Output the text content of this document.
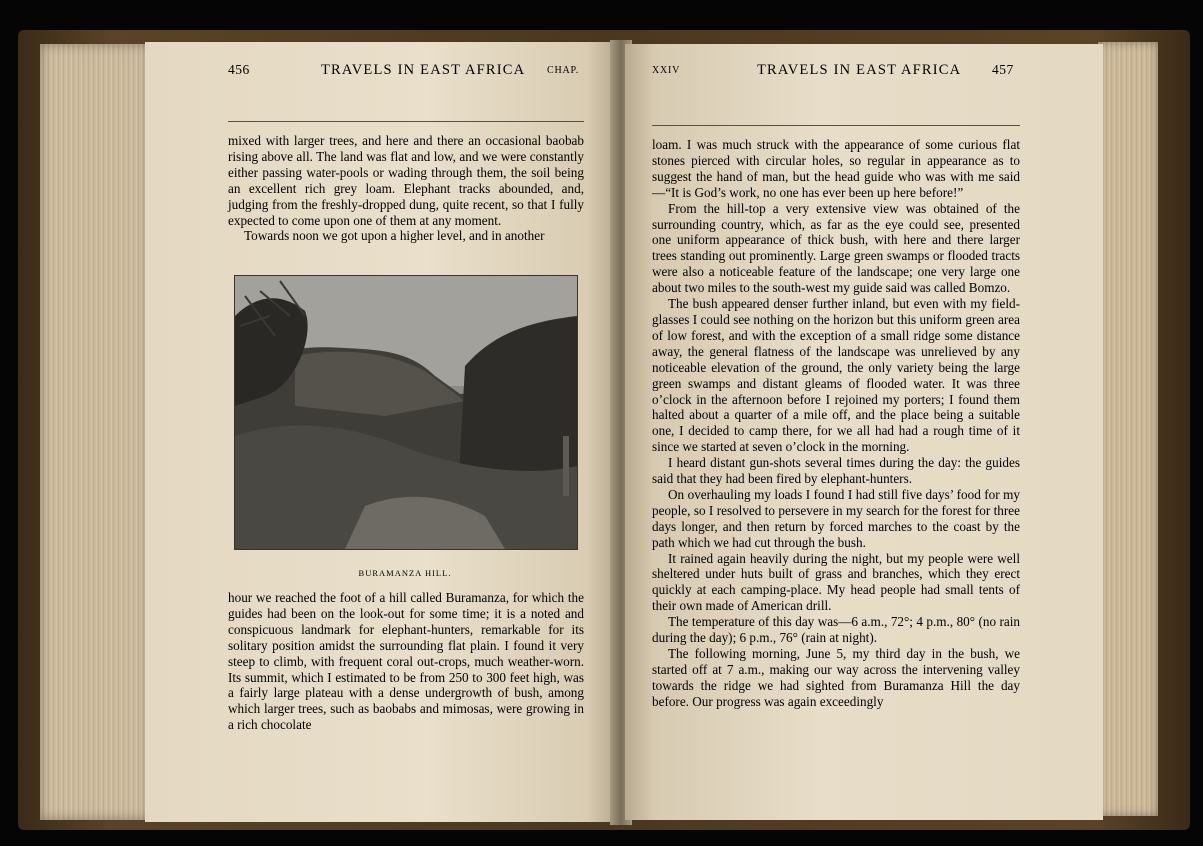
456	TRAVELS IN EAST AFRICA CHAP.

mixed with larger trees, and here and there an occasional baobab rising above all. The land was flat and low, and we were constantly either passing water-pools or wading through them, the soil being an excellent rich grey loam. Elephant tracks abounded, and, judging from the freshly-dropped dung, quite recent, so that I fully expected to come upon one of them at any moment.

Towards noon we got upon a higher level, and in another

BURAMANZA HILL.

hour we reached the foot of a hill called Buramanza, for which the guides had been on the look-out for some time; it is a noted and conspicuous landmark for elephant-hunters, remarkable for its solitary position amidst the surrounding flat plain. I found it very steep to climb, with frequent coral out-crops, much weather-worn. Its summit, which I estimated to be from 250 to 300 feet high, was a fairly large plateau with a dense undergrowth of bush, among which larger trees, such as baobabs and mimosas, were growing in a rich chocolate

XXIV	TRAVELS IN EAST AFRICA 457

loam. I was much struck with the appearance of some curious flat stones pierced with circular holes, so regular in appearance as to suggest the hand of man, but the head guide who was with me said—“It is God’s work, no one has ever been up here before!”

From the hill-top a very extensive view was obtained of the surrounding country, which, as far as the eye could see, presented one uniform appearance of thick bush, with here and there larger trees standing out prominently. Large green swamps or flooded tracts were also a noticeable feature of the landscape; one very large one about two miles to the south-west my guide said was called Bomzo.

The bush appeared denser further inland, but even with my field-glasses I could see nothing on the horizon but this uniform green area of low forest, and with the exception of a small ridge some distance away, the general flatness of the landscape was unrelieved by any noticeable elevation of the ground, the only variety being the large green swamps and distant gleams of flooded water. It was three o’clock in the afternoon before I rejoined my porters; I found them halted about a quarter of a mile off, and the place being a suitable one, I decided to camp there, for we all had had a rough time of it since we started at seven o’clock in the morning.

I heard distant gun-shots several times during the day: the guides said that they had been fired by elephant-hunters.

On overhauling my loads I found I had still five days’ food for my people, so I resolved to persevere in my search for the forest for three days longer, and then return by forced marches to the coast by the path which we had cut through the bush.

It rained again heavily during the night, but my people were well sheltered under huts built of grass and branches, which they erect quickly at each camping-place. My head people had small tents of their own made of American drill.

The temperature of this day was—6 a.m., 72°; 4 p.m., 80° (no rain during the day); 6 p.m., 76° (rain at night).

The following morning, June 5, my third day in the bush, we started off at 7 a.m., making our way across the intervening valley towards the ridge we had sighted from Buramanza Hill the day before. Our progress was again exceedingly
